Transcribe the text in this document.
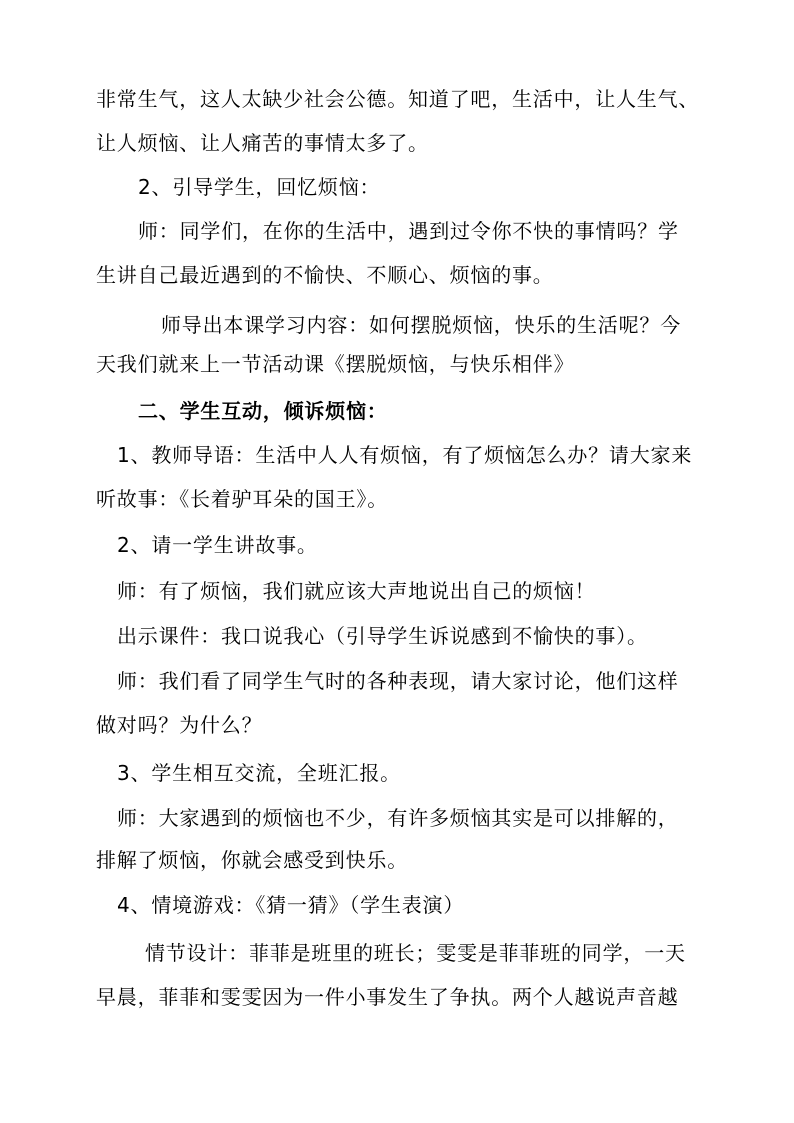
非常生气，这人太缺少社会公德。知道了吧，生活中，让人生气、
让人烦恼、让人痛苦的事情太多了。
2、引导学生，回忆烦恼：
师：同学们，在你的生活中，遇到过令你不快的事情吗？学
生讲自己最近遇到的不愉快、不顺心、烦恼的事。
师导出本课学习内容：如何摆脱烦恼，快乐的生活呢？今
天我们就来上一节活动课《摆脱烦恼，与快乐相伴》
二、学生互动，倾诉烦恼：
1、教师导语：生活中人人有烦恼，有了烦恼怎么办？请大家来
听故事：《长着驴耳朵的国王》。
2、请一学生讲故事。
师：有了烦恼，我们就应该大声地说出自己的烦恼！
出示课件：我口说我心（引导学生诉说感到不愉快的事）。
师：我们看了同学生气时的各种表现，请大家讨论，他们这样
做对吗？为什么？
3、学生相互交流，全班汇报。
师：大家遇到的烦恼也不少，有许多烦恼其实是可以排解的，
排解了烦恼，你就会感受到快乐。
4、情境游戏：《猜一猜》（学生表演）
情节设计：菲菲是班里的班长；雯雯是菲菲班的同学，一天
早晨，菲菲和雯雯因为一件小事发生了争执。两个人越说声音越
